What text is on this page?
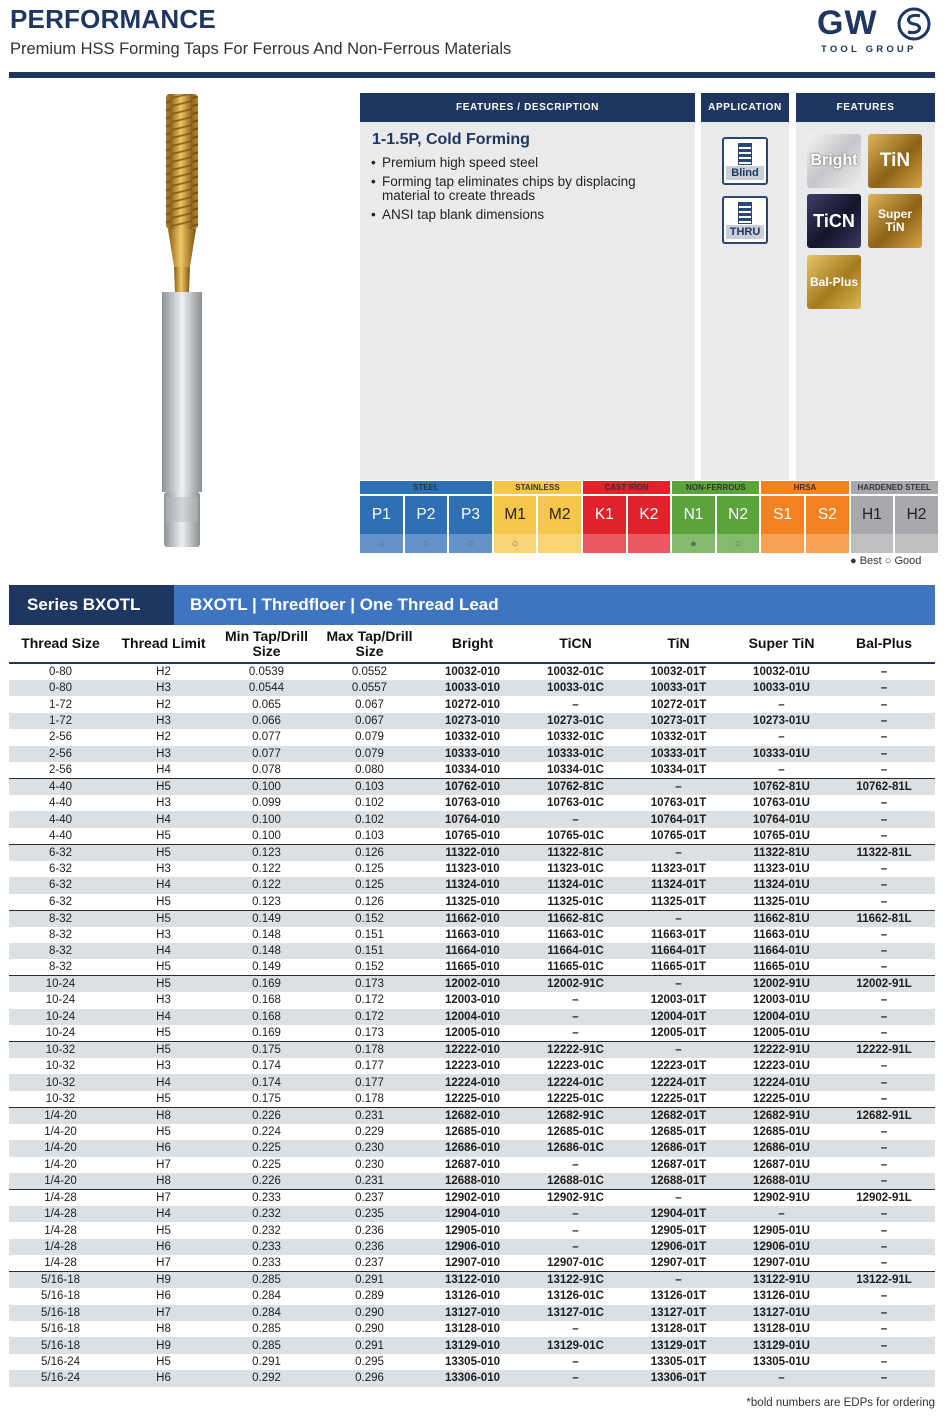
PERFORMANCE
Premium HSS Forming Taps For Ferrous And Non-Ferrous Materials
GW
TOOL GROUP
FEATURES / DESCRIPTION	APPLICATION	FEATURES
1-1.5P, Cold Forming
• Premium high speed steel
• Forming tap eliminates chips by displacing material to create threads
• ANSI tap blank dimensions
Blind
THRU
Bright	TiN
TiCN	Super TiN
Bal-Plus
STEEL
P1
○
P2
○
P3
○
STAINLESS
M1
○
M2
CAST IRON
K1	K2
NON-FERROUS
N1
●
N2
○
HRSA
S1	S2
HARDENED STEEL
H1	H2
● Best ○ Good
Series BXOTL	BXOTL | Thredfloer | One Thread Lead
Thread Size	Thread Limit	Min Tap/Drill Size	Max Tap/Drill Size	Bright	TiCN	TiN	Super TiN	Bal-Plus
0-80	H2	0.0539	0.0552	10032-010	10032-01C	10032-01T	10032-01U	–
0-80	H3	0.0544	0.0557	10033-010	10033-01C	10033-01T	10033-01U	–
1-72	H2	0.065	0.067	10272-010	–	10272-01T	–	–
1-72	H3	0.066	0.067	10273-010	10273-01C	10273-01T	10273-01U	–
2-56	H2	0.077	0.079	10332-010	10332-01C	10332-01T	–	–
2-56	H3	0.077	0.079	10333-010	10333-01C	10333-01T	10333-01U	–
2-56	H4	0.078	0.080	10334-010	10334-01C	10334-01T	–	–
4-40	H5	0.100	0.103	10762-010	10762-81C	–	10762-81U	10762-81L
4-40	H3	0.099	0.102	10763-010	10763-01C	10763-01T	10763-01U	–
4-40	H4	0.100	0.102	10764-010	–	10764-01T	10764-01U	–
4-40	H5	0.100	0.103	10765-010	10765-01C	10765-01T	10765-01U	–
6-32	H5	0.123	0.126	11322-010	11322-81C	–	11322-81U	11322-81L
6-32	H3	0.122	0.125	11323-010	11323-01C	11323-01T	11323-01U	–
6-32	H4	0.122	0.125	11324-010	11324-01C	11324-01T	11324-01U	–
6-32	H5	0.123	0.126	11325-010	11325-01C	11325-01T	11325-01U	–
8-32	H5	0.149	0.152	11662-010	11662-81C	–	11662-81U	11662-81L
8-32	H3	0.148	0.151	11663-010	11663-01C	11663-01T	11663-01U	–
8-32	H4	0.148	0.151	11664-010	11664-01C	11664-01T	11664-01U	–
8-32	H5	0.149	0.152	11665-010	11665-01C	11665-01T	11665-01U	–
10-24	H5	0.169	0.173	12002-010	12002-91C	–	12002-91U	12002-91L
10-24	H3	0.168	0.172	12003-010	–	12003-01T	12003-01U	–
10-24	H4	0.168	0.172	12004-010	–	12004-01T	12004-01U	–
10-24	H5	0.169	0.173	12005-010	–	12005-01T	12005-01U	–
10-32	H5	0.175	0.178	12222-010	12222-91C	–	12222-91U	12222-91L
10-32	H3	0.174	0.177	12223-010	12223-01C	12223-01T	12223-01U	–
10-32	H4	0.174	0.177	12224-010	12224-01C	12224-01T	12224-01U	–
10-32	H5	0.175	0.178	12225-010	12225-01C	12225-01T	12225-01U	–
1/4-20	H8	0.226	0.231	12682-010	12682-91C	12682-01T	12682-91U	12682-91L
1/4-20	H5	0.224	0.229	12685-010	12685-01C	12685-01T	12685-01U	–
1/4-20	H6	0.225	0.230	12686-010	12686-01C	12686-01T	12686-01U	–
1/4-20	H7	0.225	0.230	12687-010	–	12687-01T	12687-01U	–
1/4-20	H8	0.226	0.231	12688-010	12688-01C	12688-01T	12688-01U	–
1/4-28	H7	0.233	0.237	12902-010	12902-91C	–	12902-91U	12902-91L
1/4-28	H4	0.232	0.235	12904-010	–	12904-01T	–	–
1/4-28	H5	0.232	0.236	12905-010	–	12905-01T	12905-01U	–
1/4-28	H6	0.233	0.236	12906-010	–	12906-01T	12906-01U	–
1/4-28	H7	0.233	0.237	12907-010	12907-01C	12907-01T	12907-01U	–
5/16-18	H9	0.285	0.291	13122-010	13122-91C	–	13122-91U	13122-91L
5/16-18	H6	0.284	0.289	13126-010	13126-01C	13126-01T	13126-01U	–
5/16-18	H7	0.284	0.290	13127-010	13127-01C	13127-01T	13127-01U	–
5/16-18	H8	0.285	0.290	13128-010	–	13128-01T	13128-01U	–
5/16-18	H9	0.285	0.291	13129-010	13129-01C	13129-01T	13129-01U	–
5/16-24	H5	0.291	0.295	13305-010	–	13305-01T	13305-01U	–
5/16-24	H6	0.292	0.296	13306-010	–	13306-01T	–	–
*bold numbers are EDPs for ordering
